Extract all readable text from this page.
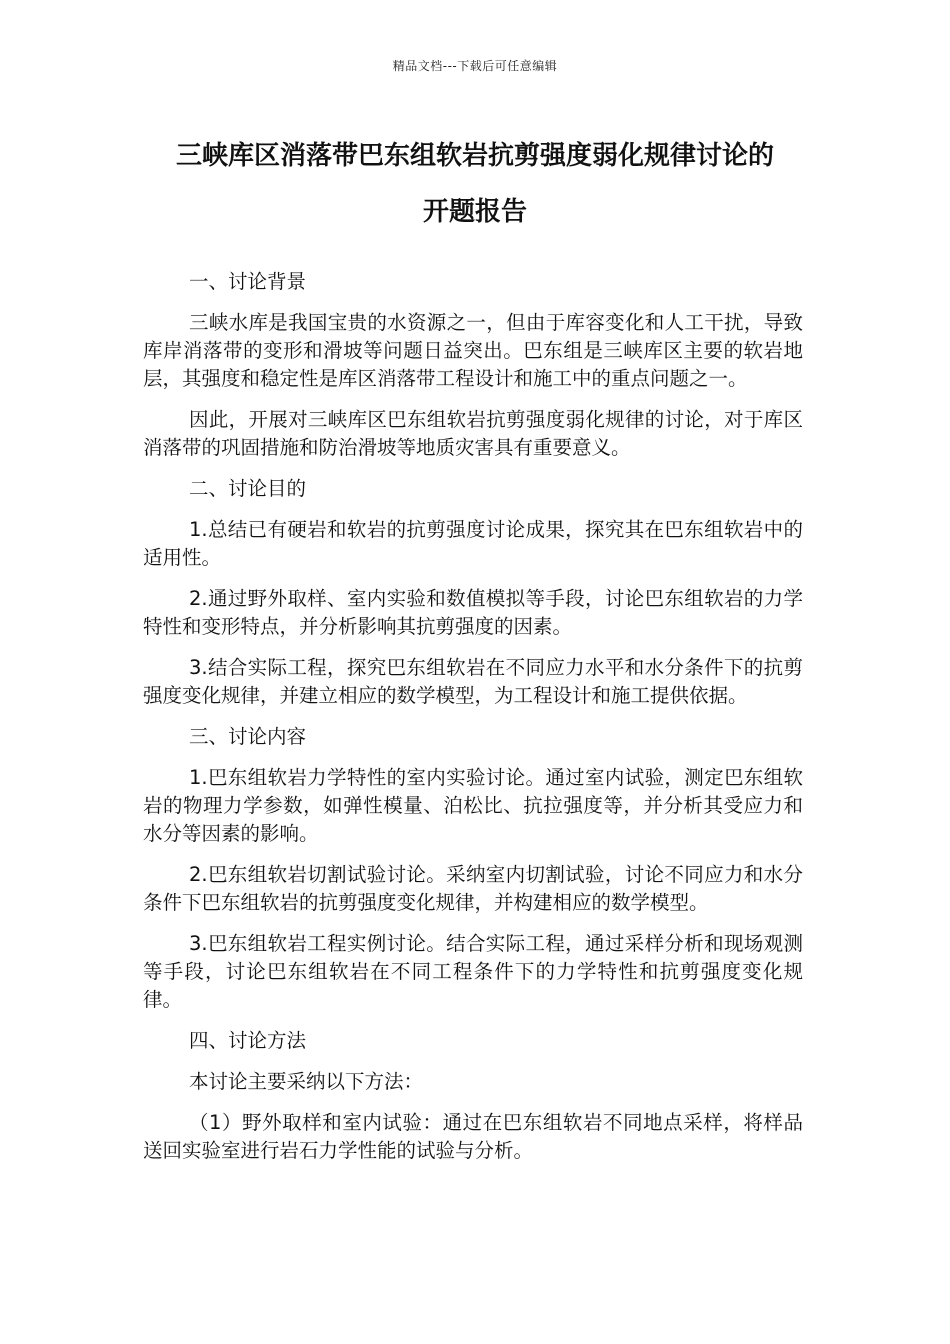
精品文档---下载后可任意编辑
三峡库区消落带巴东组软岩抗剪强度弱化规律讨论的
开题报告

一、讨论背景

三峡水库是我国宝贵的水资源之一，但由于库容变化和人工干扰，导致库岸消落带的变形和滑坡等问题日益突出。巴东组是三峡库区主要的软岩地层，其强度和稳定性是库区消落带工程设计和施工中的重点问题之一。

因此，开展对三峡库区巴东组软岩抗剪强度弱化规律的讨论，对于库区消落带的巩固措施和防治滑坡等地质灾害具有重要意义。

二、讨论目的

1.总结已有硬岩和软岩的抗剪强度讨论成果，探究其在巴东组软岩中的适用性。

2.通过野外取样、室内实验和数值模拟等手段，讨论巴东组软岩的力学特性和变形特点，并分析影响其抗剪强度的因素。

3.结合实际工程，探究巴东组软岩在不同应力水平和水分条件下的抗剪强度变化规律，并建立相应的数学模型，为工程设计和施工提供依据。

三、讨论内容

1.巴东组软岩力学特性的室内实验讨论。通过室内试验，测定巴东组软岩的物理力学参数，如弹性模量、泊松比、抗拉强度等，并分析其受应力和水分等因素的影响。

2.巴东组软岩切割试验讨论。采纳室内切割试验，讨论不同应力和水分条件下巴东组软岩的抗剪强度变化规律，并构建相应的数学模型。

3.巴东组软岩工程实例讨论。结合实际工程，通过采样分析和现场观测等手段，讨论巴东组软岩在不同工程条件下的力学特性和抗剪强度变化规律。

四、讨论方法

本讨论主要采纳以下方法：

（1）野外取样和室内试验：通过在巴东组软岩不同地点采样，将样品送回实验室进行岩石力学性能的试验与分析。
